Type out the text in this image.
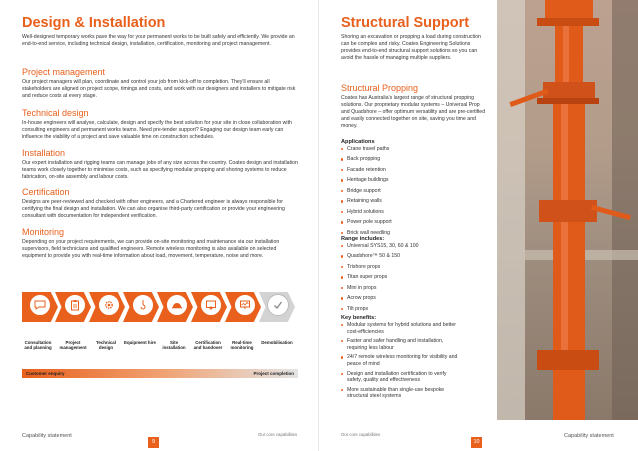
Design & Installation

Well-designed temporary works pave the way for your permanent works to be built safely and efficiently. We provide an end-to-end service, including technical design, installation, certification, monitoring and project management.

Project management

Our project managers will plan, coordinate and control your job from kick-off to completion. They'll ensure all stakeholders are aligned on project scope, timings and costs, and work with our designers and installers to mitigate risk and reduce costs at every stage.

Technical design

In-house engineers will analyse, calculate, design and specify the best solution for your site in close collaboration with consulting engineers and permanent works teams. Need pre-tender support? Engaging our design team early can influence the viability of a project and save valuable time on construction schedules.

Installation

Our expert installation and rigging teams can manage jobs of any size across the country. Coates design and installation teams work closely together to minimise costs, such as specifying modular propping and shoring systems to reduce fabrication, on-site assembly and labour costs.

Certification

Designs are peer-reviewed and checked with other engineers, and a Chartered engineer is always responsible for certifying the final design and installation. We can also organise third-party certification or provide your engineering consultant with documentation for independent verification.

Monitoring

Depending on your project requirements, we can provide on-site monitoring and maintenance via our installation supervisors, field technicians and qualified engineers. Remote wireless monitoring is also available on selected equipment to provide you with real-time information about load, movement, temperature, noise and more.

Consultation and planning
Project management
Technical design
Equipment hire	Site installation
Certification and handover
Real-time monitoring
Demobilisation
Customer enquiry	Project completion
Capability statement
9
Our core capabilities
Structural Support

Shoring an excavation or propping a load during construction can be complex and risky. Coates Engineering Solutions provides end-to-end structural support solutions so you can avoid the hassle of managing multiple suppliers.

Structural Propping

Coates has Australia's largest range of structural propping solutions. Our proprietary modular systems – Universal Prop and Quadshore – offer optimum versatility and are pre-certified and easily connected together on site, saving you time and money.

Applications
Crane travel paths
Back propping
Facade retention
Heritage buildings
Bridge support
Retaining walls
Hybrid solutions
Power pole support
Brick wall needling
Range includes:
Universal SYS15, 30, 60 & 100
Quadshore™ 50 & 150
Trishore props
Titan super props
Mini in props
Acrow props
Tilt props
Key benefits:
Modular systems for hybrid solutions and better cost-efficiencies
Faster and safer handling and installation, requiring less labour
24/7 remote wireless monitoring for visibility and peace of mind
Design and installation certification to verify safety, quality and effectiveness
More sustainable than single-use bespoke structural steel systems
Our core capabilities
10
Capability statement
